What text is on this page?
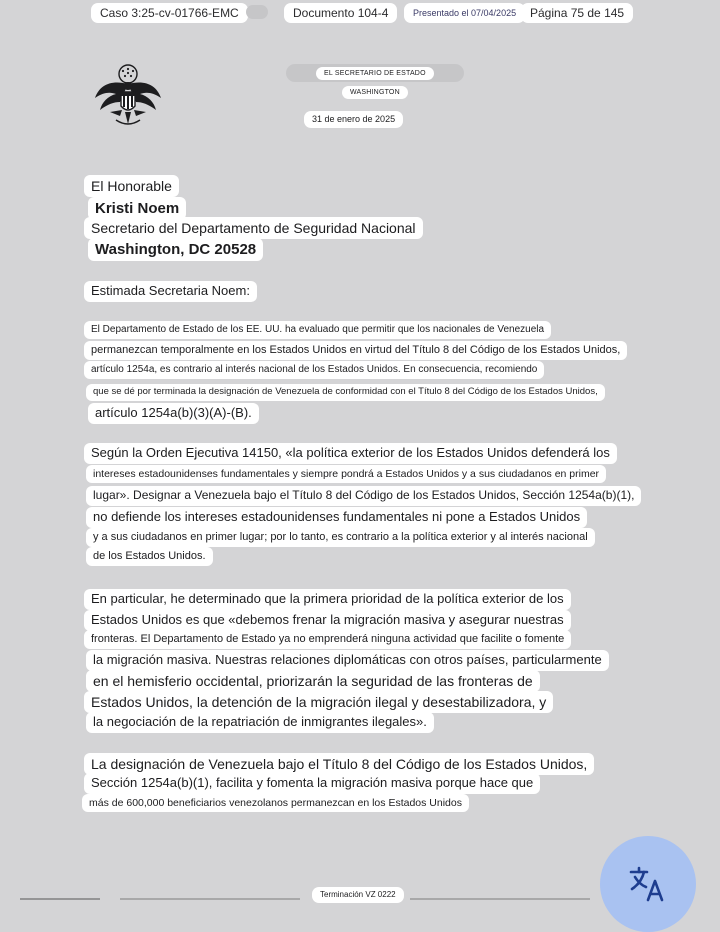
Caso 3:25-cv-01766-EMC	Documento 104-4	Presentado el 07/04/2025	Página 75 de 145
EL SECRETARIO DE ESTADO
WASHINGTON
31 de enero de 2025
El Honorable
Kristi Noem
Secretario del Departamento de Seguridad Nacional
Washington, DC 20528
Estimada Secretaria Noem:
El Departamento de Estado de los EE. UU. ha evaluado que permitir que los nacionales de Venezuela
permanezcan temporalmente en los Estados Unidos en virtud del Título 8 del Código de los Estados Unidos,
artículo 1254a, es contrario al interés nacional de los Estados Unidos. En consecuencia, recomiendo
que se dé por terminada la designación de Venezuela de conformidad con el Título 8 del Código de los Estados Unidos,
artículo 1254a(b)(3)(A)-(B).
Según la Orden Ejecutiva 14150, «la política exterior de los Estados Unidos defenderá los
intereses estadounidenses fundamentales y siempre pondrá a Estados Unidos y a sus ciudadanos en primer
lugar». Designar a Venezuela bajo el Título 8 del Código de los Estados Unidos, Sección 1254a(b)(1),
no defiende los intereses estadounidenses fundamentales ni pone a Estados Unidos
y a sus ciudadanos en primer lugar; por lo tanto, es contrario a la política exterior y al interés nacional
de los Estados Unidos.
En particular, he determinado que la primera prioridad de la política exterior de los
Estados Unidos es que «debemos frenar la migración masiva y asegurar nuestras
fronteras. El Departamento de Estado ya no emprenderá ninguna actividad que facilite o fomente
la migración masiva. Nuestras relaciones diplomáticas con otros países, particularmente
en el hemisferio occidental, priorizarán la seguridad de las fronteras de
Estados Unidos, la detención de la migración ilegal y desestabilizadora, y
la negociación de la repatriación de inmigrantes ilegales».
La designación de Venezuela bajo el Título 8 del Código de los Estados Unidos,
Sección 1254a(b)(1), facilita y fomenta la migración masiva porque hace que
más de 600,000 beneficiarios venezolanos permanezcan en los Estados Unidos
Terminación VZ 0222
